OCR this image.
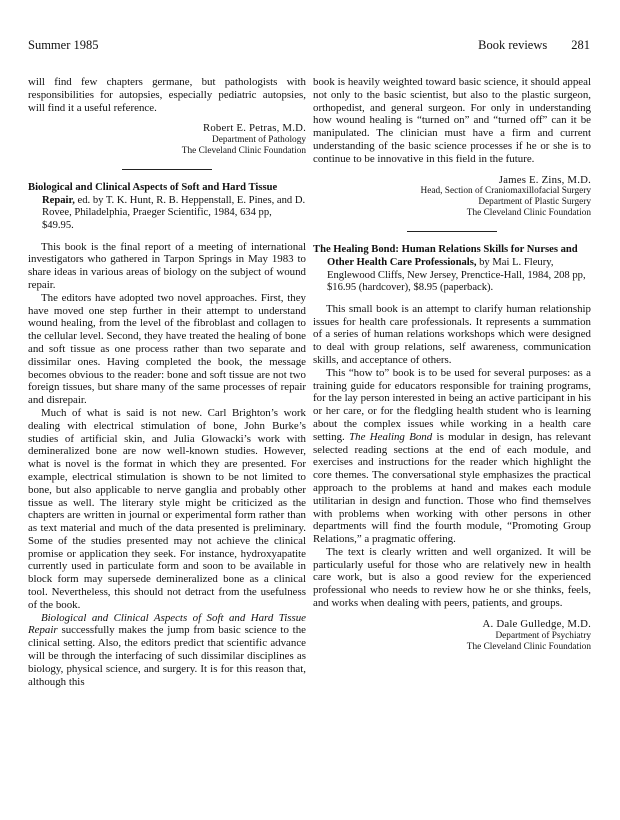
Summer 1985	Book reviews 281

will find few chapters germane, but pathologists with responsibilities for autopsies, especially pediatric autopsies, will find it a useful reference.

Robert E. Petras, M.D.
Department of Pathology
The Cleveland Clinic Foundation
Biological and Clinical Aspects of Soft and Hard Tissue Repair, ed. by T. K. Hunt, R. B. Heppenstall, E. Pines, and D. Rovee, Philadelphia, Praeger Scientific, 1984, 634 pp, $49.95.

This book is the final report of a meeting of international investigators who gathered in Tarpon Springs in May 1983 to share ideas in various areas of biology on the subject of wound repair.

The editors have adopted two novel approaches. First, they have moved one step further in their attempt to understand wound healing, from the level of the fibroblast and collagen to the cellular level. Second, they have treated the healing of bone and soft tissue as one process rather than two separate and dissimilar ones. Having completed the book, the message becomes obvious to the reader: bone and soft tissue are not two foreign tissues, but share many of the same processes of repair and disrepair.

Much of what is said is not new. Carl Brighton’s work dealing with electrical stimulation of bone, John Burke’s studies of artificial skin, and Julia Glowacki’s work with demineralized bone are now well-known studies. However, what is novel is the format in which they are presented. For example, electrical stimulation is shown to be not limited to bone, but also applicable to nerve ganglia and probably other tissue as well. The literary style might be criticized as the chapters are written in journal or experimental form rather than as text material and much of the data presented is preliminary. Some of the studies presented may not achieve the clinical promise or application they seek. For instance, hydroxyapatite currently used in particulate form and soon to be available in block form may supersede demineralized bone as a clinical tool. Nevertheless, this should not detract from the usefulness of the book.

Biological and Clinical Aspects of Soft and Hard Tissue Repair successfully makes the jump from basic science to the clinical setting. Also, the editors predict that scientific advance will be through the interfacing of such dissimilar disciplines as biology, physical science, and surgery. It is for this reason that, although this

book is heavily weighted toward basic science, it should appeal not only to the basic scientist, but also to the plastic surgeon, orthopedist, and general surgeon. For only in understanding how wound healing is “turned on” and “turned off” can it be manipulated. The clinician must have a firm and current understanding of the basic science processes if he or she is to continue to be innovative in this field in the future.

James E. Zins, M.D.
Head, Section of Craniomaxillofacial Surgery
Department of Plastic Surgery
The Cleveland Clinic Foundation
The Healing Bond: Human Relations Skills for Nurses and Other Health Care Professionals, by Mai L. Fleury, Englewood Cliffs, New Jersey, Prenctice-Hall, 1984, 208 pp, $16.95 (hardcover), $8.95 (paperback).

This small book is an attempt to clarify human relationship issues for health care professionals. It represents a summation of a series of human relations workshops which were designed to deal with group relations, self awareness, communication skills, and acceptance of others.

This “how to” book is to be used for several purposes: as a training guide for educators responsible for training programs, for the lay person interested in being an active participant in his or her care, or for the fledgling health student who is learning about the complex issues while working in a health care setting. The Healing Bond is modular in design, has relevant selected reading sections at the end of each module, and exercises and instructions for the reader which highlight the core themes. The conversational style emphasizes the practical approach to the problems at hand and makes each module utilitarian in design and function. Those who find themselves with problems when working with other persons in other departments will find the fourth module, “Promoting Group Relations,” a pragmatic offering.

The text is clearly written and well organized. It will be particularly useful for those who are relatively new in health care work, but is also a good review for the experienced professional who needs to review how he or she thinks, feels, and works when dealing with peers, patients, and groups.

A. Dale Gulledge, M.D.
Department of Psychiatry
The Cleveland Clinic Foundation
